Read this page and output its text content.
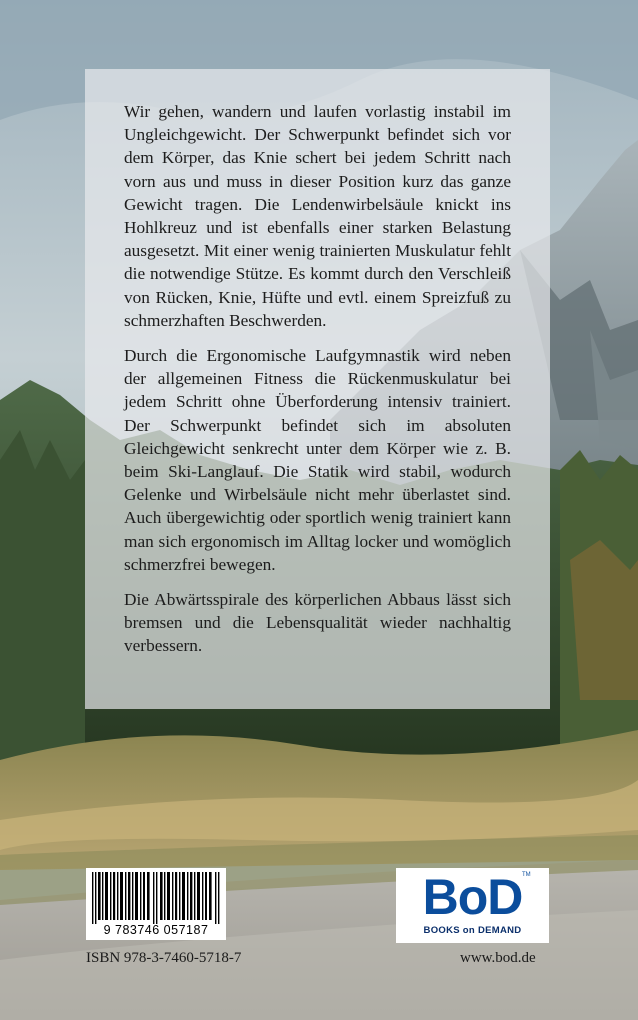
Wir gehen, wandern und laufen vorlastig instabil im Ungleichgewicht. Der Schwerpunkt befindet sich vor dem Körper, das Knie schert bei jedem Schritt nach vorn aus und muss in dieser Position kurz das ganze Gewicht tragen. Die Lendenwirbelsäule knickt ins Hohlkreuz und ist ebenfalls einer starken Belastung ausgesetzt. Mit einer wenig trainierten Muskulatur fehlt die notwendige Stütze. Es kommt durch den Verschleiß von Rücken, Knie, Hüfte und evtl. einem Spreizfuß zu schmerzhaften Beschwerden.

Durch die Ergonomische Laufgymnastik wird neben der allgemeinen Fitness die Rückenmuskulatur bei jedem Schritt ohne Überforderung intensiv trainiert. Der Schwerpunkt befindet sich im absoluten Gleichgewicht senkrecht unter dem Körper wie z. B. beim Ski-Langlauf. Die Statik wird stabil, wodurch Gelenke und Wirbelsäule nicht mehr überlastet sind. Auch übergewichtig oder sportlich wenig trainiert kann man sich ergonomisch im Alltag locker und womöglich schmerzfrei bewegen.

Die Abwärtsspirale des körperlichen Abbaus lässt sich bremsen und die Lebensqualität wieder nachhaltig verbessern.

9 783746 057187
ISBN 978-3-7460-5718-7
BoD TM
BOOKS on DEMAND
www.bod.de
